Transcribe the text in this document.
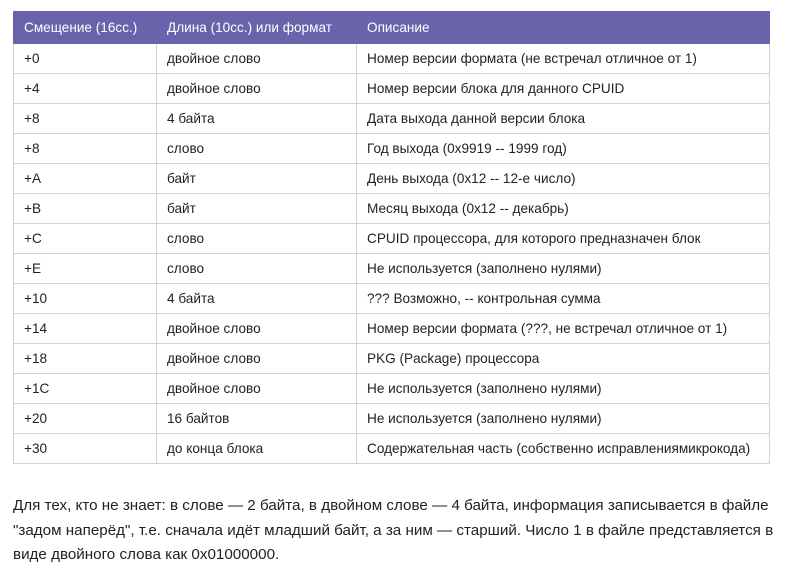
Смещение (16сс.)	Длина (10сс.) или формат	Описание
+0	двойное слово	Номер версии формата (не встречал отличное от 1)
+4	двойное слово	Номер версии блока для данного CPUID
+8	4 байта	Дата выхода данной версии блока
+8	слово	Год выхода (0x9919 -- 1999 год)
+A	байт	День выхода (0x12 -- 12-е число)
+B	байт	Месяц выхода (0x12 -- декабрь)
+C	слово	CPUID процессора, для которого предназначен блок
+E	слово	Не используется (заполнено нулями)
+10	4 байта	??? Возможно, -- контрольная сумма
+14	двойное слово	Номер версии формата (???, не встречал отличное от 1)
+18	двойное слово	PKG (Package) процессора
+1C	двойное слово	Не используется (заполнено нулями)
+20	16 байтов	Не используется (заполнено нулями)
+30	до конца блока	Содержательная часть (собственно исправлениямикрокода)

Для тех, кто не знает: в слове — 2 байта, в двойном слове — 4 байта, информация записывается в файле "задом наперёд", т.е. сначала идёт младший байт, а за ним — старший. Число 1 в файле представляется в виде двойного слова как 0x01000000.
